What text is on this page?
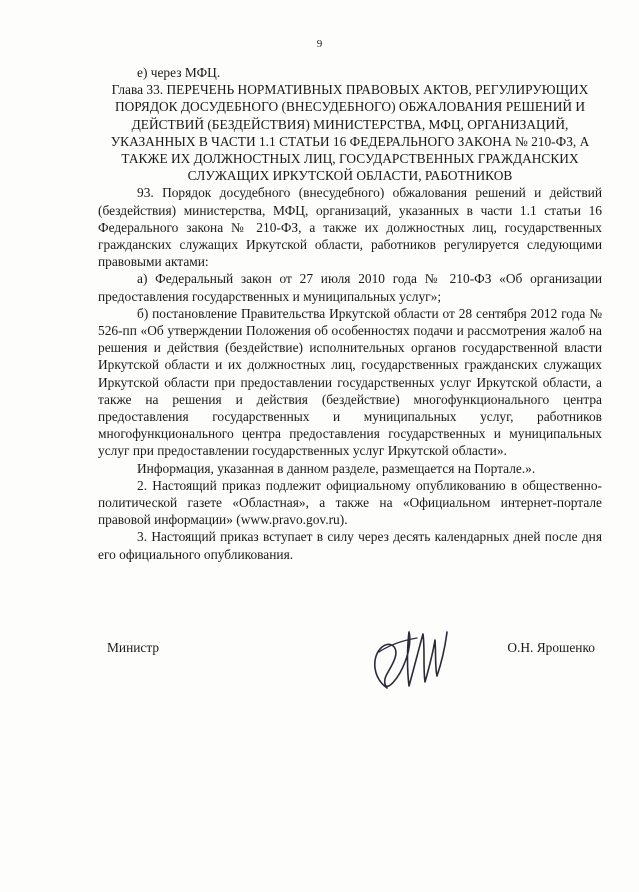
9

е) через МФЦ.

Глава 33. ПЕРЕЧЕНЬ НОРМАТИВНЫХ ПРАВОВЫХ АКТОВ, РЕГУЛИРУЮЩИХ ПОРЯДОК ДОСУДЕБНОГО (ВНЕСУДЕБНОГО) ОБЖАЛОВАНИЯ РЕШЕНИЙ И ДЕЙСТВИЙ (БЕЗДЕЙСТВИЯ) МИНИСТЕРСТВА, МФЦ, ОРГАНИЗАЦИЙ, УКАЗАННЫХ В ЧАСТИ 1.1 СТАТЬИ 16 ФЕДЕРАЛЬНОГО ЗАКОНА № 210-ФЗ, А ТАКЖЕ ИХ ДОЛЖНОСТНЫХ ЛИЦ, ГОСУДАРСТВЕННЫХ ГРАЖДАНСКИХ СЛУЖАЩИХ ИРКУТСКОЙ ОБЛАСТИ, РАБОТНИКОВ

93. Порядок досудебного (внесудебного) обжалования решений и действий (бездействия) министерства, МФЦ, организаций, указанных в части 1.1 статьи 16 Федерального закона № 210-ФЗ, а также их должностных лиц, государственных гражданских служащих Иркутской области, работников регулируется следующими правовыми актами:

а) Федеральный закон от 27 июля 2010 года № 210-ФЗ «Об организации предоставления государственных и муниципальных услуг»;

б) постановление Правительства Иркутской области от 28 сентября 2012 года № 526-пп «Об утверждении Положения об особенностях подачи и рассмотрения жалоб на решения и действия (бездействие) исполнительных органов государственной власти Иркутской области и их должностных лиц, государственных гражданских служащих Иркутской области при предоставлении государственных услуг Иркутской области, а также на решения и действия (бездействие) многофункционального центра предоставления государственных и муниципальных услуг, работников многофункционального центра предоставления государственных и муниципальных услуг при предоставлении государственных услуг Иркутской области».

Информация, указанная в данном разделе, размещается на Портале.».

2. Настоящий приказ подлежит официальному опубликованию в общественно-политической газете «Областная», а также на «Официальном интернет-портале правовой информации» (www.pravo.gov.ru).

3. Настоящий приказ вступает в силу через десять календарных дней после дня его официального опубликования.

Министр	О.Н. Ярошенко
